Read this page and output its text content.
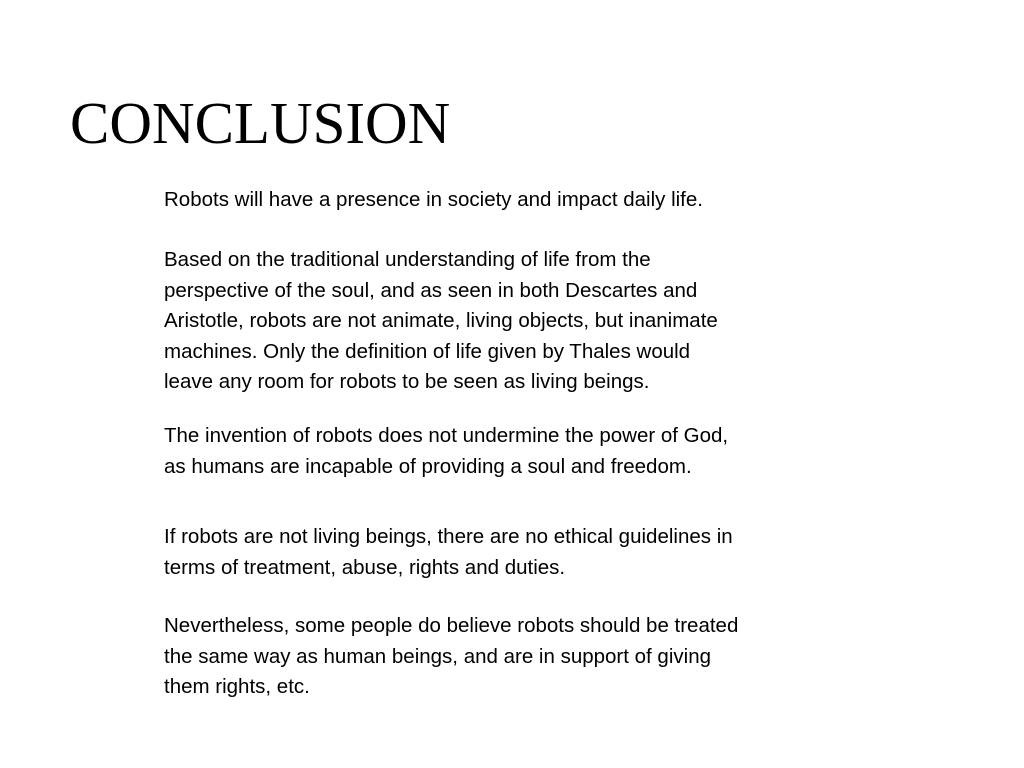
CONCLUSION

Robots will have a presence in society and impact daily life.

Based on the traditional understanding of life from the
perspective of the soul, and as seen in both Descartes and
Aristotle, robots are not animate, living objects, but inanimate
machines. Only the definition of life given by Thales would
leave any room for robots to be seen as living beings.

The invention of robots does not undermine the power of God,
as humans are incapable of providing a soul and freedom.

If robots are not living beings, there are no ethical guidelines in
terms of treatment, abuse, rights and duties.

Nevertheless, some people do believe robots should be treated
the same way as human beings, and are in support of giving
them rights, etc.
